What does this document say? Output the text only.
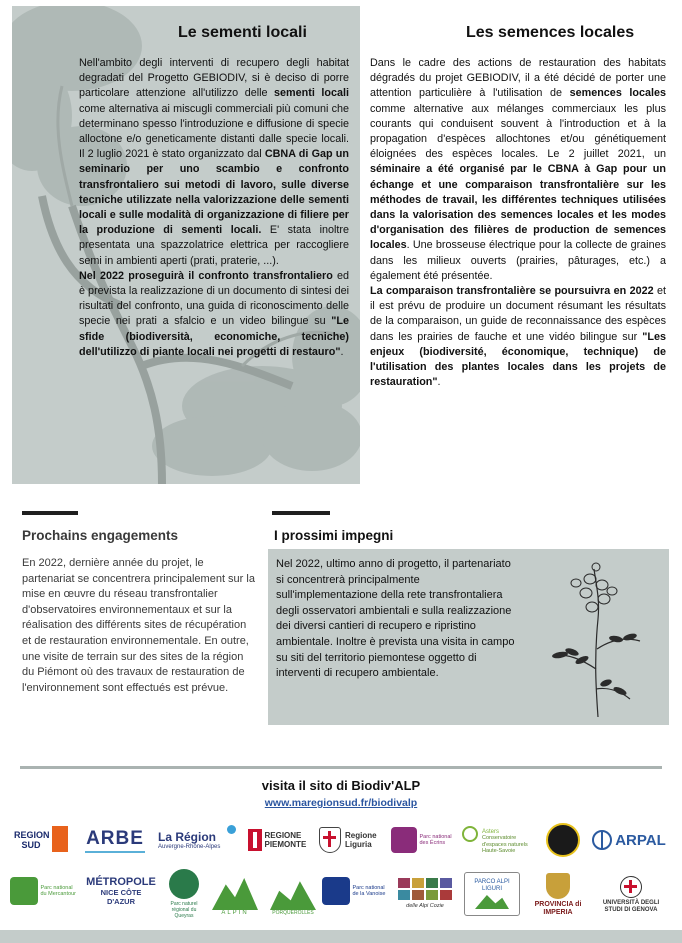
Le sementi locali

Nell'ambito degli interventi di recupero degli habitat degradati del Progetto GEBIODIV, si è deciso di porre particolare attenzione all'utilizzo delle sementi locali come alternativa ai miscugli commerciali più comuni che determinano spesso l'introduzione e diffusione di specie alloctone e/o geneticamente distanti dalle specie locali. Il 2 luglio 2021 è stato organizzato dal CBNA di Gap un seminario per uno scambio e confronto transfrontaliero sui metodi di lavoro, sulle diverse tecniche utilizzate nella valorizzazione delle sementi locali e sulle modalità di organizzazione di filiere per la produzione di sementi locali. E' stata inoltre presentata una spazzolatrice elettrica per raccogliere semi in ambienti aperti (prati, praterie, ...).
Nel 2022 proseguirà il confronto transfrontaliero ed è prevista la realizzazione di un documento di sintesi dei risultati del confronto, una guida di riconoscimento delle specie nei prati a sfalcio e un video bilingue su "Le sfide (biodiversità, economiche, tecniche) dell'utilizzo di piante locali nei progetti di restauro".

Les semences locales

Dans le cadre des actions de restauration des habitats dégradés du projet GEBIODIV, il a été décidé de porter une attention particulière à l'utilisation de semences locales comme alternative aux mélanges commerciaux les plus courants qui conduisent souvent à l'introduction et à la propagation d'espèces allochtones et/ou génétiquement éloignées des espèces locales. Le 2 juillet 2021, un séminaire a été organisé par le CBNA à Gap pour un échange et une comparaison transfrontalière sur les méthodes de travail, les différentes techniques utilisées dans la valorisation des semences locales et les modes d'organisation des filières de production de semences locales. Une brosseuse électrique pour la collecte de graines dans les milieux ouverts (prairies, pâturages, etc.) a également été présentée.
La comparaison transfrontalière se poursuivra en 2022 et il est prévu de produire un document résumant les résultats de la comparaison, un guide de reconnaissance des espèces dans les prairies de fauche et une vidéo bilingue sur "Les enjeux (biodiversité, économique, technique) de l'utilisation des plantes locales dans les projets de restauration".

Prochains engagements

En 2022, dernière année du projet, le partenariat se concentrera principalement sur la mise en œuvre du réseau transfrontalier d'observatoires environnementaux et sur la réalisation des différents sites de récupération et de restauration environnementale. En outre, une visite de terrain sur des sites de la région du Piémont où des travaux de restauration de l'environnement sont effectués est prévue.

I prossimi impegni

Nel 2022, ultimo anno di progetto, il partenariato si concentrerà principalmente sull'implementazione della rete transfrontaliera degli osservatori ambientali e sulla realizzazione dei diversi cantieri di recupero e ripristino ambientale. Inoltre è prevista una visita in campo su siti del territorio piemontese oggetto di interventi di recupero ambientale.

visita il sito di Biodiv'ALP

www.maregionsud.fr/biodivalp
REGION SUD	ARBE La Région
Auvergne-Rhône-Alpes
REGIONE PIEMONTE
Regione Liguria
Parc national des Écrins
Asters
Conservatoire d'espaces naturels Haute-Savoie
ARPAL
Parc national du Mercantour
MÉTROPOLE
NICE CÔTE D'AZUR	Parc naturel régional du Queyras	ALPIN	PORQUEROLLES
Parc national de la Vanoise
delle Alpi Cozie
PARCO ALPI LIGURI
PROVINCIA di IMPERIA
UNIVERSITÀ DEGLI STUDI DI GENOVA
